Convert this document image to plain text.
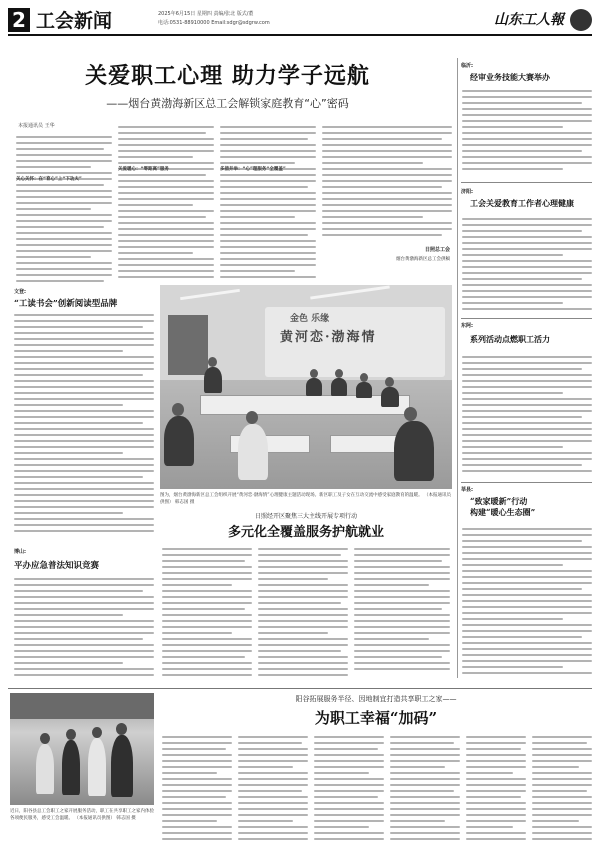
2 工会新闻	2025年6月15日 星期四 责编/张北 版式/董
电话:0531-88910000 Email:sdgr@sdgrw.com	山东工人報
关爱职工心理 助力学子远航
——烟台黄渤海新区总工会解锁家庭教育“心”密码
本报通讯员 王华
关心关怀：在“育心”上“下功夫”
关爱暖心：“零距离”服务	多措并举：“心”理服务“全覆盖”
日照总工会
烟台黄渤海新区总工会供稿
临沂:
经审业务技能大赛举办
济阳:
工会关爱教育工作者心理健康
东阿:
系列活动点燃职工活力
莘县:
“致家暖新”行动
构建“暖心生态圈”
文登:
“工读书会”创新阅读型品牌
博山:
平办应急普法知识竞赛
金色 乐缘
黄河恋·渤海情
图为，烟台黄渤海新区总工会组织开展“黄河恋·渤海情”心理健康主题活动现场。新区职工及子女在互动交流中感受家庭教育的温暖。 （本报通讯员供图） 韩志国 摄
日照经开区聚焦三大主线开展专项行动
多元化全覆盖服务护航就业
近日，阳谷县总工会职工之家开展服务活动，职工在共享职工之家内体验各项便民服务，感受工会温暖。 （本报通讯员供图） 韩志国 摄
阳谷拓展服务半径、因地制宜打造共享职工之家——
为职工幸福“加码”
